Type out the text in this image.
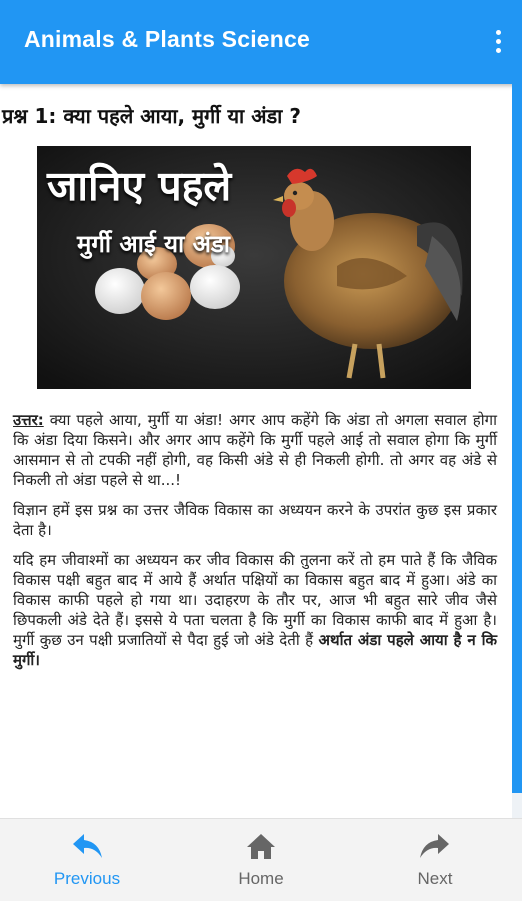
Animals & Plants Science
प्रश्न 1: क्या पहले आया, मुर्गी या अंडा ?
जानिए पहले
मुर्गी आई या अंडा

उत्तर: क्या पहले आया, मुर्गी या अंडा! अगर आप कहेंगे कि अंडा तो अगला सवाल होगा कि अंडा दिया किसने। और अगर आप कहेंगे कि मुर्गी पहले आई तो सवाल होगा कि मुर्गी आसमान से तो टपकी नहीं होगी, वह किसी अंडे से ही निकली होगी. तो अगर वह अंडे से निकली तो अंडा पहले से था...!

विज्ञान हमें इस प्रश्न का उत्तर जैविक विकास का अध्ययन करने के उपरांत कुछ इस प्रकार देता है।

यदि हम जीवाश्मों का अध्ययन कर जीव विकास की तुलना करें तो हम पाते हैं कि जैविक विकास पक्षी बहुत बाद में आये हैं अर्थात पक्षियों का विकास बहुत बाद में हुआ। अंडे का विकास काफी पहले हो गया था। उदाहरण के तौर पर, आज भी बहुत सारे जीव जैसे छिपकली अंडे देते हैं। इससे ये पता चलता है कि मुर्गी का विकास काफी बाद में हुआ है। मुर्गी कुछ उन पक्षी प्रजातियों से पैदा हुई जो अंडे देती हैं अर्थात अंडा पहले आया है न कि मुर्गी।

Previous	Home	Next
